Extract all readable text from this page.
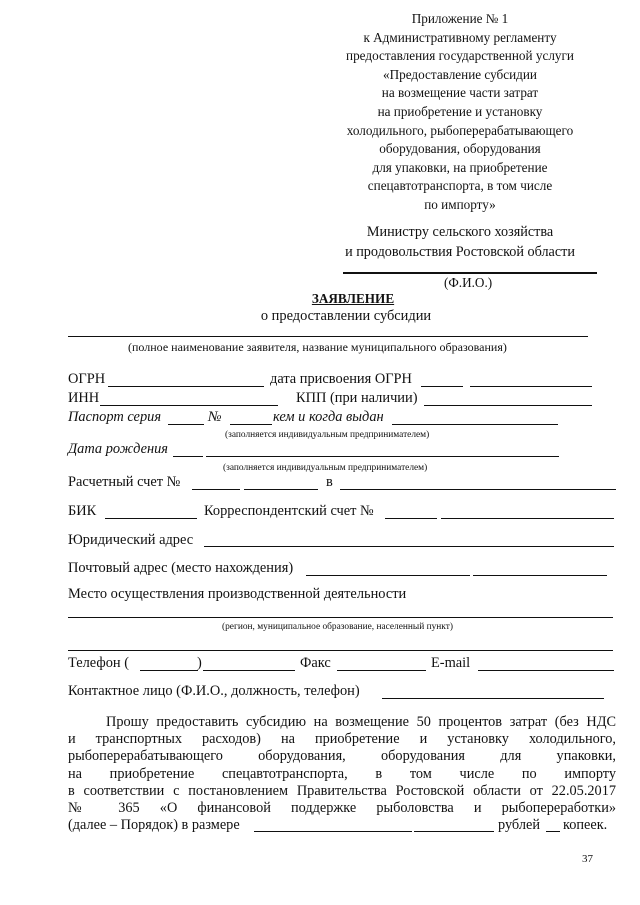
Приложение № 1
к Административному регламенту
предоставления государственной услуги
«Предоставление субсидии
на возмещение части затрат
на приобретение и установку
холодильного, рыбоперерабатывающего
оборудования, оборудования
для упаковки, на приобретение
спецавтотранспорта, в том числе
по импорту»
Министру сельского хозяйства
и продовольствия Ростовской области
(Ф.И.О.)
ЗАЯВЛЕНИЕ
о предоставлении субсидии
(полное наименование заявителя, название муниципального образования)
ОГРН	дата присвоения ОГРН
ИНН	КПП (при наличии)
Паспорт серия	№	кем и когда выдан
(заполняется индивидуальным предпринимателем)
Дата рождения
(заполняется индивидуальным предпринимателем)
Расчетный счет №	в
БИК	Корреспондентский счет №
Юридический адрес
Почтовый адрес (место нахождения)
Место осуществления производственной деятельности
(регион, муниципальное образование, населенный пункт)
Телефон (	)	Факс	E-mail
Контактное лицо (Ф.И.О., должность, телефон)
Прошу предоставить субсидию на возмещение 50 процентов затрат (без НДС
и транспортных расходов) на приобретение и установку холодильного,
рыбоперерабатывающего оборудования, оборудования для упаковки,
на приобретение спецавтотранспорта, в том числе по импорту
в соответствии с постановлением Правительства Ростовской области от 22.05.2017
№ 365 «О финансовой поддержке рыболовства и рыбопереработки»
(далее – Порядок) в размере	рублей копеек.
37
